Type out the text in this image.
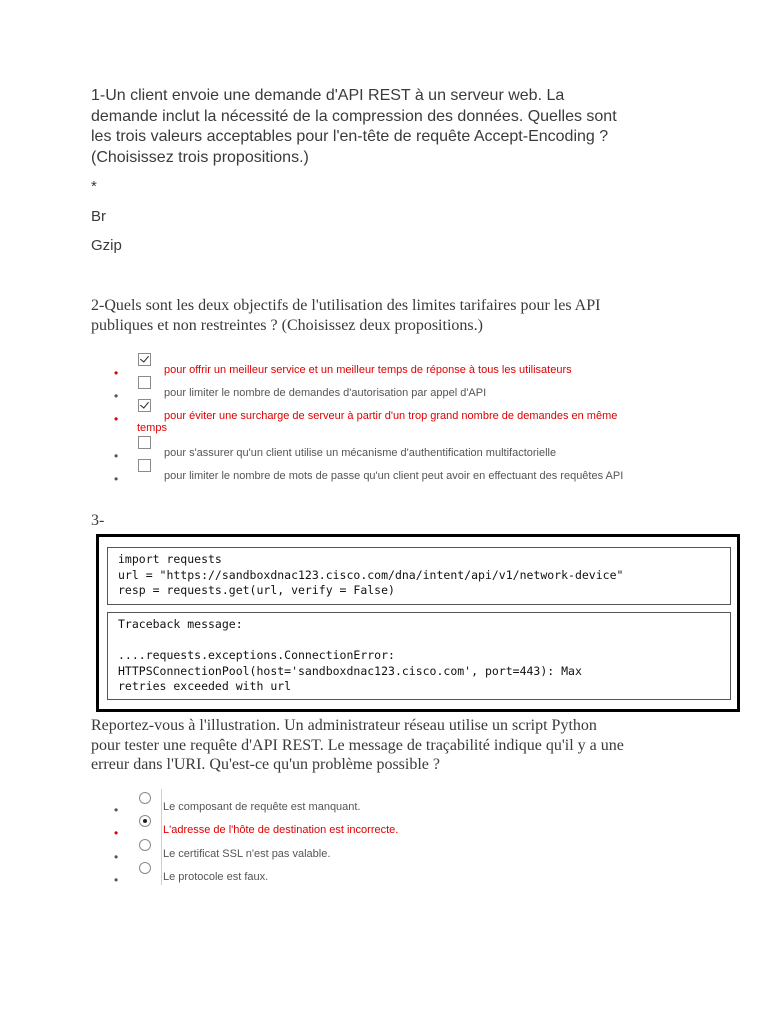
1-Un client envoie une demande d'API REST à un serveur web. La
demande inclut la nécessité de la compression des données. Quelles sont
les trois valeurs acceptables pour l'en-tête de requête Accept-Encoding ?
(Choisissez trois propositions.)
*
Br
Gzip
2-Quels sont les deux objectifs de l'utilisation des limites tarifaires pour les API
publiques et non restreintes ? (Choisissez deux propositions.)
•	pour offrir un meilleur service et un meilleur temps de réponse à tous les utilisateurs
•	pour limiter le nombre de demandes d'autorisation par appel d'API
•	pour éviter une surcharge de serveur à partir d'un trop grand nombre de demandes en même
temps
•	pour s'assurer qu'un client utilise un mécanisme d'authentification multifactorielle
•	pour limiter le nombre de mots de passe qu'un client peut avoir en effectuant des requêtes API
3-
import requests
url = "https://sandboxdnac123.cisco.com/dna/intent/api/v1/network-device"
resp = requests.get(url, verify = False)
Traceback message:

....requests.exceptions.ConnectionError:
HTTPSConnectionPool(host='sandboxdnac123.cisco.com', port=443): Max
retries exceeded with url
Reportez-vous à l'illustration. Un administrateur réseau utilise un script Python
pour tester une requête d'API REST. Le message de traçabilité indique qu'il y a une
erreur dans l'URI. Qu'est-ce qu'un problème possible ?
•	Le composant de requête est manquant.
•	L'adresse de l'hôte de destination est incorrecte.
•	Le certificat SSL n'est pas valable.
•	Le protocole est faux.
